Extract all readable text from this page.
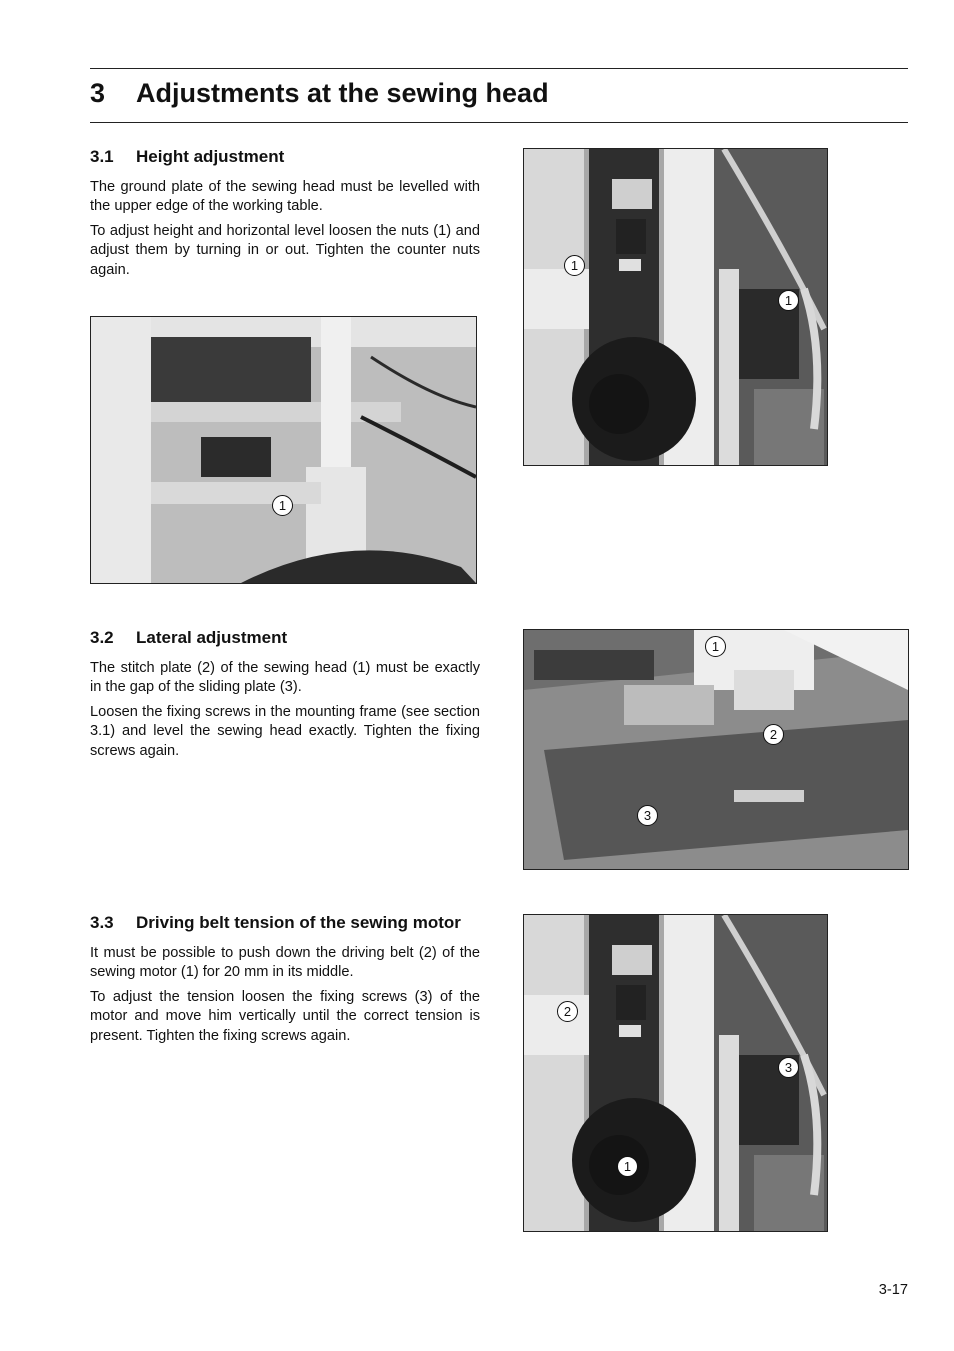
3 Adjustments at the sewing head
3.1	Height adjustment

The ground plate of the sewing head must be levelled with the upper edge of the working table.

To adjust height and horizontal level loosen the nuts (1) and adjust them by turning in or out. Tighten the counter nuts again.	1
1
1
3.2	Lateral adjustment

The stitch plate (2) of the sewing head (1) must be exactly in the gap of the sliding plate (3).

Loosen the fixing screws in the mounting frame (see section 3.1) and level the sewing head exactly. Tighten the fixing screws again.

1
2
3
3.3	Driving belt tension of the sewing motor

It must be possible to push down the driving belt (2) of the sewing motor (1) for 20 mm in its middle.

To adjust the tension loosen the fixing screws (3) of the motor and move him vertically until the correct tension is present. Tighten the fixing screws again.

2
3
1
3-17
